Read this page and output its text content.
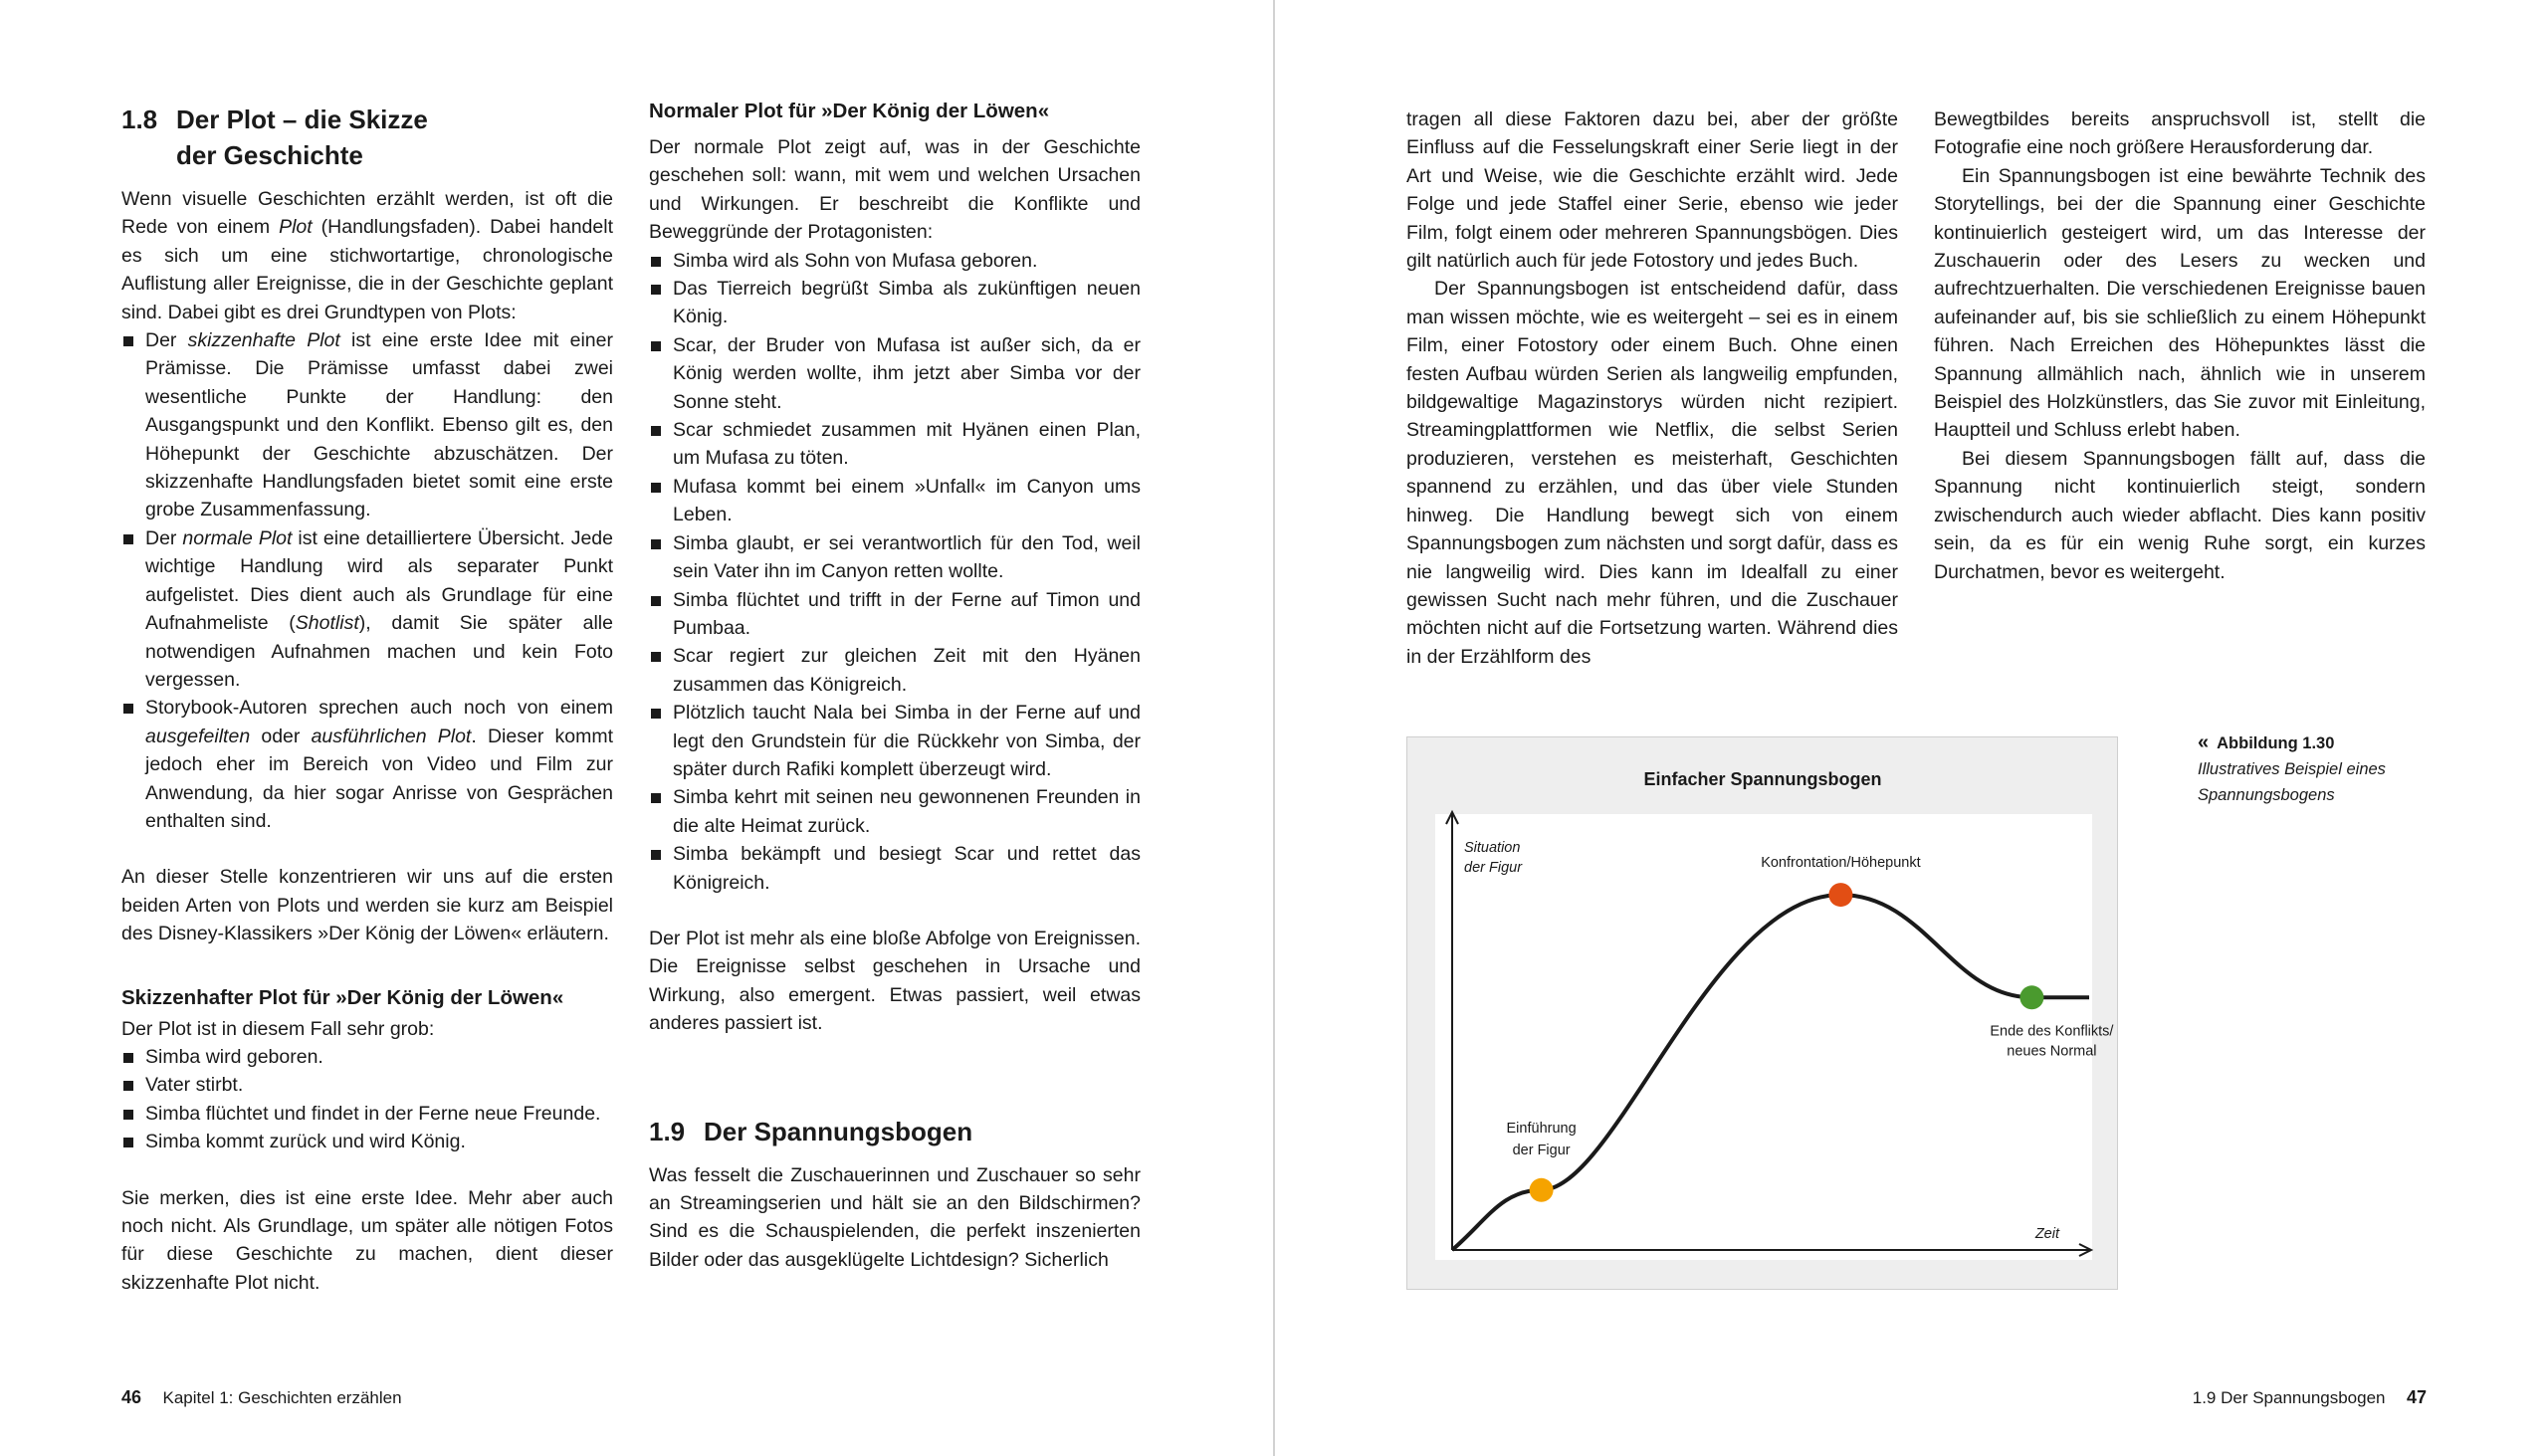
1.8 Der Plot – die Skizze
der Geschichte

Wenn visuelle Geschichten erzählt werden, ist oft die Rede von einem Plot (Handlungsfaden). Dabei handelt es sich um eine stichwortartige, chronologische Auflistung aller Ereignisse, die in der Geschichte geplant sind. Dabei gibt es drei Grundtypen von Plots:

Der skizzenhafte Plot ist eine erste Idee mit einer Prämisse. Die Prämisse umfasst dabei zwei wesentliche Punkte der Handlung: den Ausgangspunkt und den Konflikt. Ebenso gilt es, den Höhepunkt der Geschichte abzuschätzen. Der skizzenhafte Handlungsfaden bietet somit eine erste grobe Zusammenfassung.
Der normale Plot ist eine detailliertere Übersicht. Jede wichtige Handlung wird als separater Punkt aufgelistet. Dies dient auch als Grundlage für eine Aufnahmeliste (Shotlist), damit Sie später alle notwendigen Aufnahmen machen und kein Foto vergessen.
Storybook-Autoren sprechen auch noch von einem ausgefeilten oder ausführlichen Plot. Dieser kommt jedoch eher im Bereich von Video und Film zur Anwendung, da hier sogar Anrisse von Gesprächen enthalten sind.

An dieser Stelle konzentrieren wir uns auf die ersten beiden Arten von Plots und werden sie kurz am Beispiel des Disney-Klassikers »Der König der Löwen« erläutern.

Skizzenhafter Plot für »Der König der Löwen«

Der Plot ist in diesem Fall sehr grob:

Simba wird geboren.
Vater stirbt.
Simba flüchtet und findet in der Ferne neue Freunde.
Simba kommt zurück und wird König.

Sie merken, dies ist eine erste Idee. Mehr aber auch noch nicht. Als Grundlage, um später alle nötigen Fotos für diese Geschichte zu machen, dient dieser skizzenhafte Plot nicht.

Normaler Plot für »Der König der Löwen«

Der normale Plot zeigt auf, was in der Geschichte geschehen soll: wann, mit wem und welchen Ursachen und Wirkungen. Er beschreibt die Konflikte und Beweggründe der Protagonisten:

Simba wird als Sohn von Mufasa geboren.
Das Tierreich begrüßt Simba als zukünftigen neuen König.
Scar, der Bruder von Mufasa ist außer sich, da er König werden wollte, ihm jetzt aber Simba vor der Sonne steht.
Scar schmiedet zusammen mit Hyänen einen Plan, um Mufasa zu töten.
Mufasa kommt bei einem »Unfall« im Canyon ums Leben.
Simba glaubt, er sei verantwortlich für den Tod, weil sein Vater ihn im Canyon retten wollte.
Simba flüchtet und trifft in der Ferne auf Timon und Pumbaa.
Scar regiert zur gleichen Zeit mit den Hyänen zusammen das Königreich.
Plötzlich taucht Nala bei Simba in der Ferne auf und legt den Grundstein für die Rückkehr von Simba, der später durch Rafiki komplett überzeugt wird.
Simba kehrt mit seinen neu gewonnenen Freunden in die alte Heimat zurück.
Simba bekämpft und besiegt Scar und rettet das Königreich.

Der Plot ist mehr als eine bloße Abfolge von Ereignissen. Die Ereignisse selbst geschehen in Ursache und Wirkung, also emergent. Etwas passiert, weil etwas anderes passiert ist.

1.9 Der Spannungsbogen

Was fesselt die Zuschauerinnen und Zuschauer so sehr an Streamingserien und hält sie an den Bildschirmen? Sind es die Schauspielenden, die perfekt inszenierten Bilder oder das ausgeklügelte Lichtdesign? Sicherlich

46 Kapitel 1: Geschichten erzählen

tragen all diese Faktoren dazu bei, aber der größte Einfluss auf die Fesselungskraft einer Serie liegt in der Art und Weise, wie die Geschichte erzählt wird. Jede Folge und jede Staffel einer Serie, ebenso wie jeder Film, folgt einem oder mehreren Spannungsbögen. Dies gilt natürlich auch für jede Fotostory und jedes Buch.

Der Spannungsbogen ist entscheidend dafür, dass man wissen möchte, wie es weitergeht – sei es in einem Film, einer Fotostory oder einem Buch. Ohne einen festen Aufbau würden Serien als langweilig empfunden, bildgewaltige Magazinstorys würden nicht rezipiert. Streamingplattformen wie Netflix, die selbst Serien produzieren, verstehen es meisterhaft, Geschichten spannend zu erzählen, und das über viele Stunden hinweg. Die Handlung bewegt sich von einem Spannungsbogen zum nächsten und sorgt dafür, dass es nie langweilig wird. Dies kann im Idealfall zu einer gewissen Sucht nach mehr führen, und die Zuschauer möchten nicht auf die Fortsetzung warten. Während dies in der Erzählform des

Bewegtbildes bereits anspruchsvoll ist, stellt die Fotografie eine noch größere Herausforderung dar.

Ein Spannungsbogen ist eine bewährte Technik des Storytellings, bei der die Spannung einer Geschichte kontinuierlich gesteigert wird, um das Interesse der Zuschauerin oder des Lesers zu wecken und aufrechtzuerhalten. Die verschiedenen Ereignisse bauen aufeinander auf, bis sie schließlich zu einem Höhepunkt führen. Nach Erreichen des Höhepunktes lässt die Spannung allmählich nach, ähnlich wie in unserem Beispiel des Holzkünstlers, das Sie zuvor mit Einleitung, Hauptteil und Schluss erlebt haben.

Bei diesem Spannungsbogen fällt auf, dass die Spannung nicht kontinuierlich steigt, sondern zwischendurch auch wieder abflacht. Dies kann positiv sein, da es für ein wenig Ruhe sorgt, ein kurzes Durchatmen, bevor es weitergeht.

1.9 Der Spannungsbogen 47
Einfacher Spannungsbogen
Situation
der Figur
Zeit
Einführung
der Figur
Konfrontation/Höhepunkt
Ende des Konflikts/
neues Normal
« Abbildung 1.30
Illustratives Beispiel eines Spannungsbogens
